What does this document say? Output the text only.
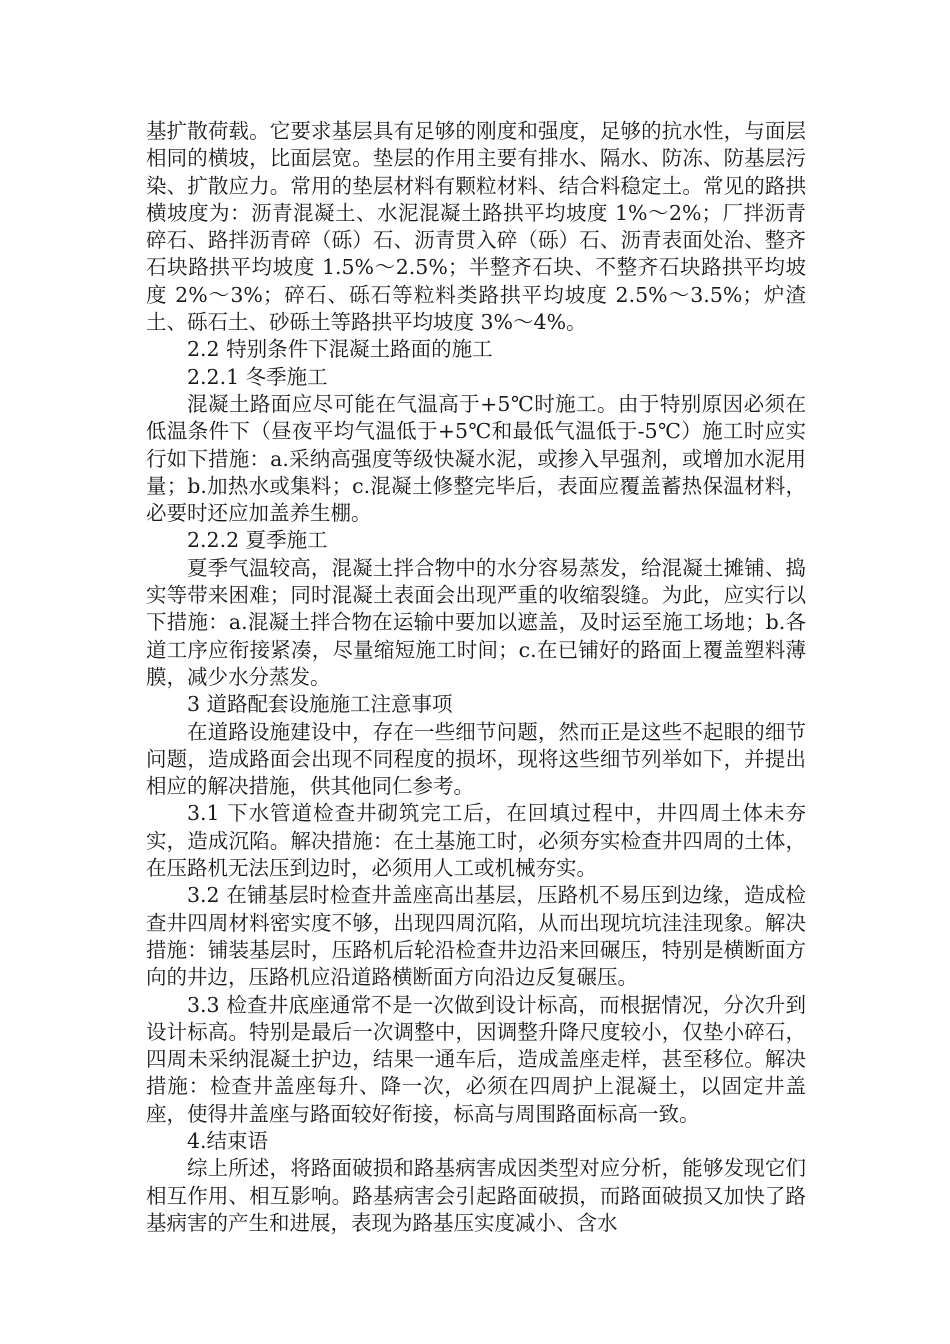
基扩散荷载。它要求基层具有足够的刚度和强度，足够的抗水性，与面层相同的横坡，比面层宽。垫层的作用主要有排水、隔水、防冻、防基层污染、扩散应力。常用的垫层材料有颗粒材料、结合料稳定土。常见的路拱横坡度为：沥青混凝土、水泥混凝土路拱平均坡度 1%～2%；厂拌沥青碎石、路拌沥青碎（砾）石、沥青贯入碎（砾）石、沥青表面处治、整齐石块路拱平均坡度 1.5%～2.5%；半整齐石块、不整齐石块路拱平均坡度 2%～3%；碎石、砾石等粒料类路拱平均坡度 2.5%～3.5%；炉渣土、砾石土、砂砾土等路拱平均坡度 3%～4%。

2.2 特别条件下混凝土路面的施工

2.2.1 冬季施工

混凝土路面应尽可能在气温高于+5℃时施工。由于特别原因必须在低温条件下（昼夜平均气温低于+5℃和最低气温低于-5℃）施工时应实行如下措施：a.采纳高强度等级快凝水泥，或掺入早强剂，或增加水泥用量；b.加热水或集料；c.混凝土修整完毕后，表面应覆盖蓄热保温材料，必要时还应加盖养生棚。

2.2.2 夏季施工

夏季气温较高，混凝土拌合物中的水分容易蒸发，给混凝土摊铺、捣实等带来困难；同时混凝土表面会出现严重的收缩裂缝。为此，应实行以下措施：a.混凝土拌合物在运输中要加以遮盖，及时运至施工场地；b.各道工序应衔接紧凑，尽量缩短施工时间；c.在已铺好的路面上覆盖塑料薄膜，减少水分蒸发。

3 道路配套设施施工注意事项

在道路设施建设中，存在一些细节问题，然而正是这些不起眼的细节问题，造成路面会出现不同程度的损坏，现将这些细节列举如下，并提出相应的解决措施，供其他同仁参考。

3.1 下水管道检查井砌筑完工后，在回填过程中，井四周土体未夯实，造成沉陷。解决措施：在土基施工时，必须夯实检查井四周的土体，在压路机无法压到边时，必须用人工或机械夯实。

3.2 在铺基层时检查井盖座高出基层，压路机不易压到边缘，造成检查井四周材料密实度不够，出现四周沉陷，从而出现坑坑洼洼现象。解决措施：铺装基层时，压路机后轮沿检查井边沿来回碾压，特别是横断面方向的井边，压路机应沿道路横断面方向沿边反复碾压。

3.3 检查井底座通常不是一次做到设计标高，而根据情况，分次升到设计标高。特别是最后一次调整中，因调整升降尺度较小，仅垫小碎石，四周未采纳混凝土护边，结果一通车后，造成盖座走样，甚至移位。解决措施：检查井盖座每升、降一次，必须在四周护上混凝土，以固定井盖座，使得井盖座与路面较好衔接，标高与周围路面标高一致。

4.结束语

综上所述，将路面破损和路基病害成因类型对应分析，能够发现它们相互作用、相互影响。路基病害会引起路面破损，而路面破损又加快了路基病害的产生和进展，表现为路基压实度减小、含水
